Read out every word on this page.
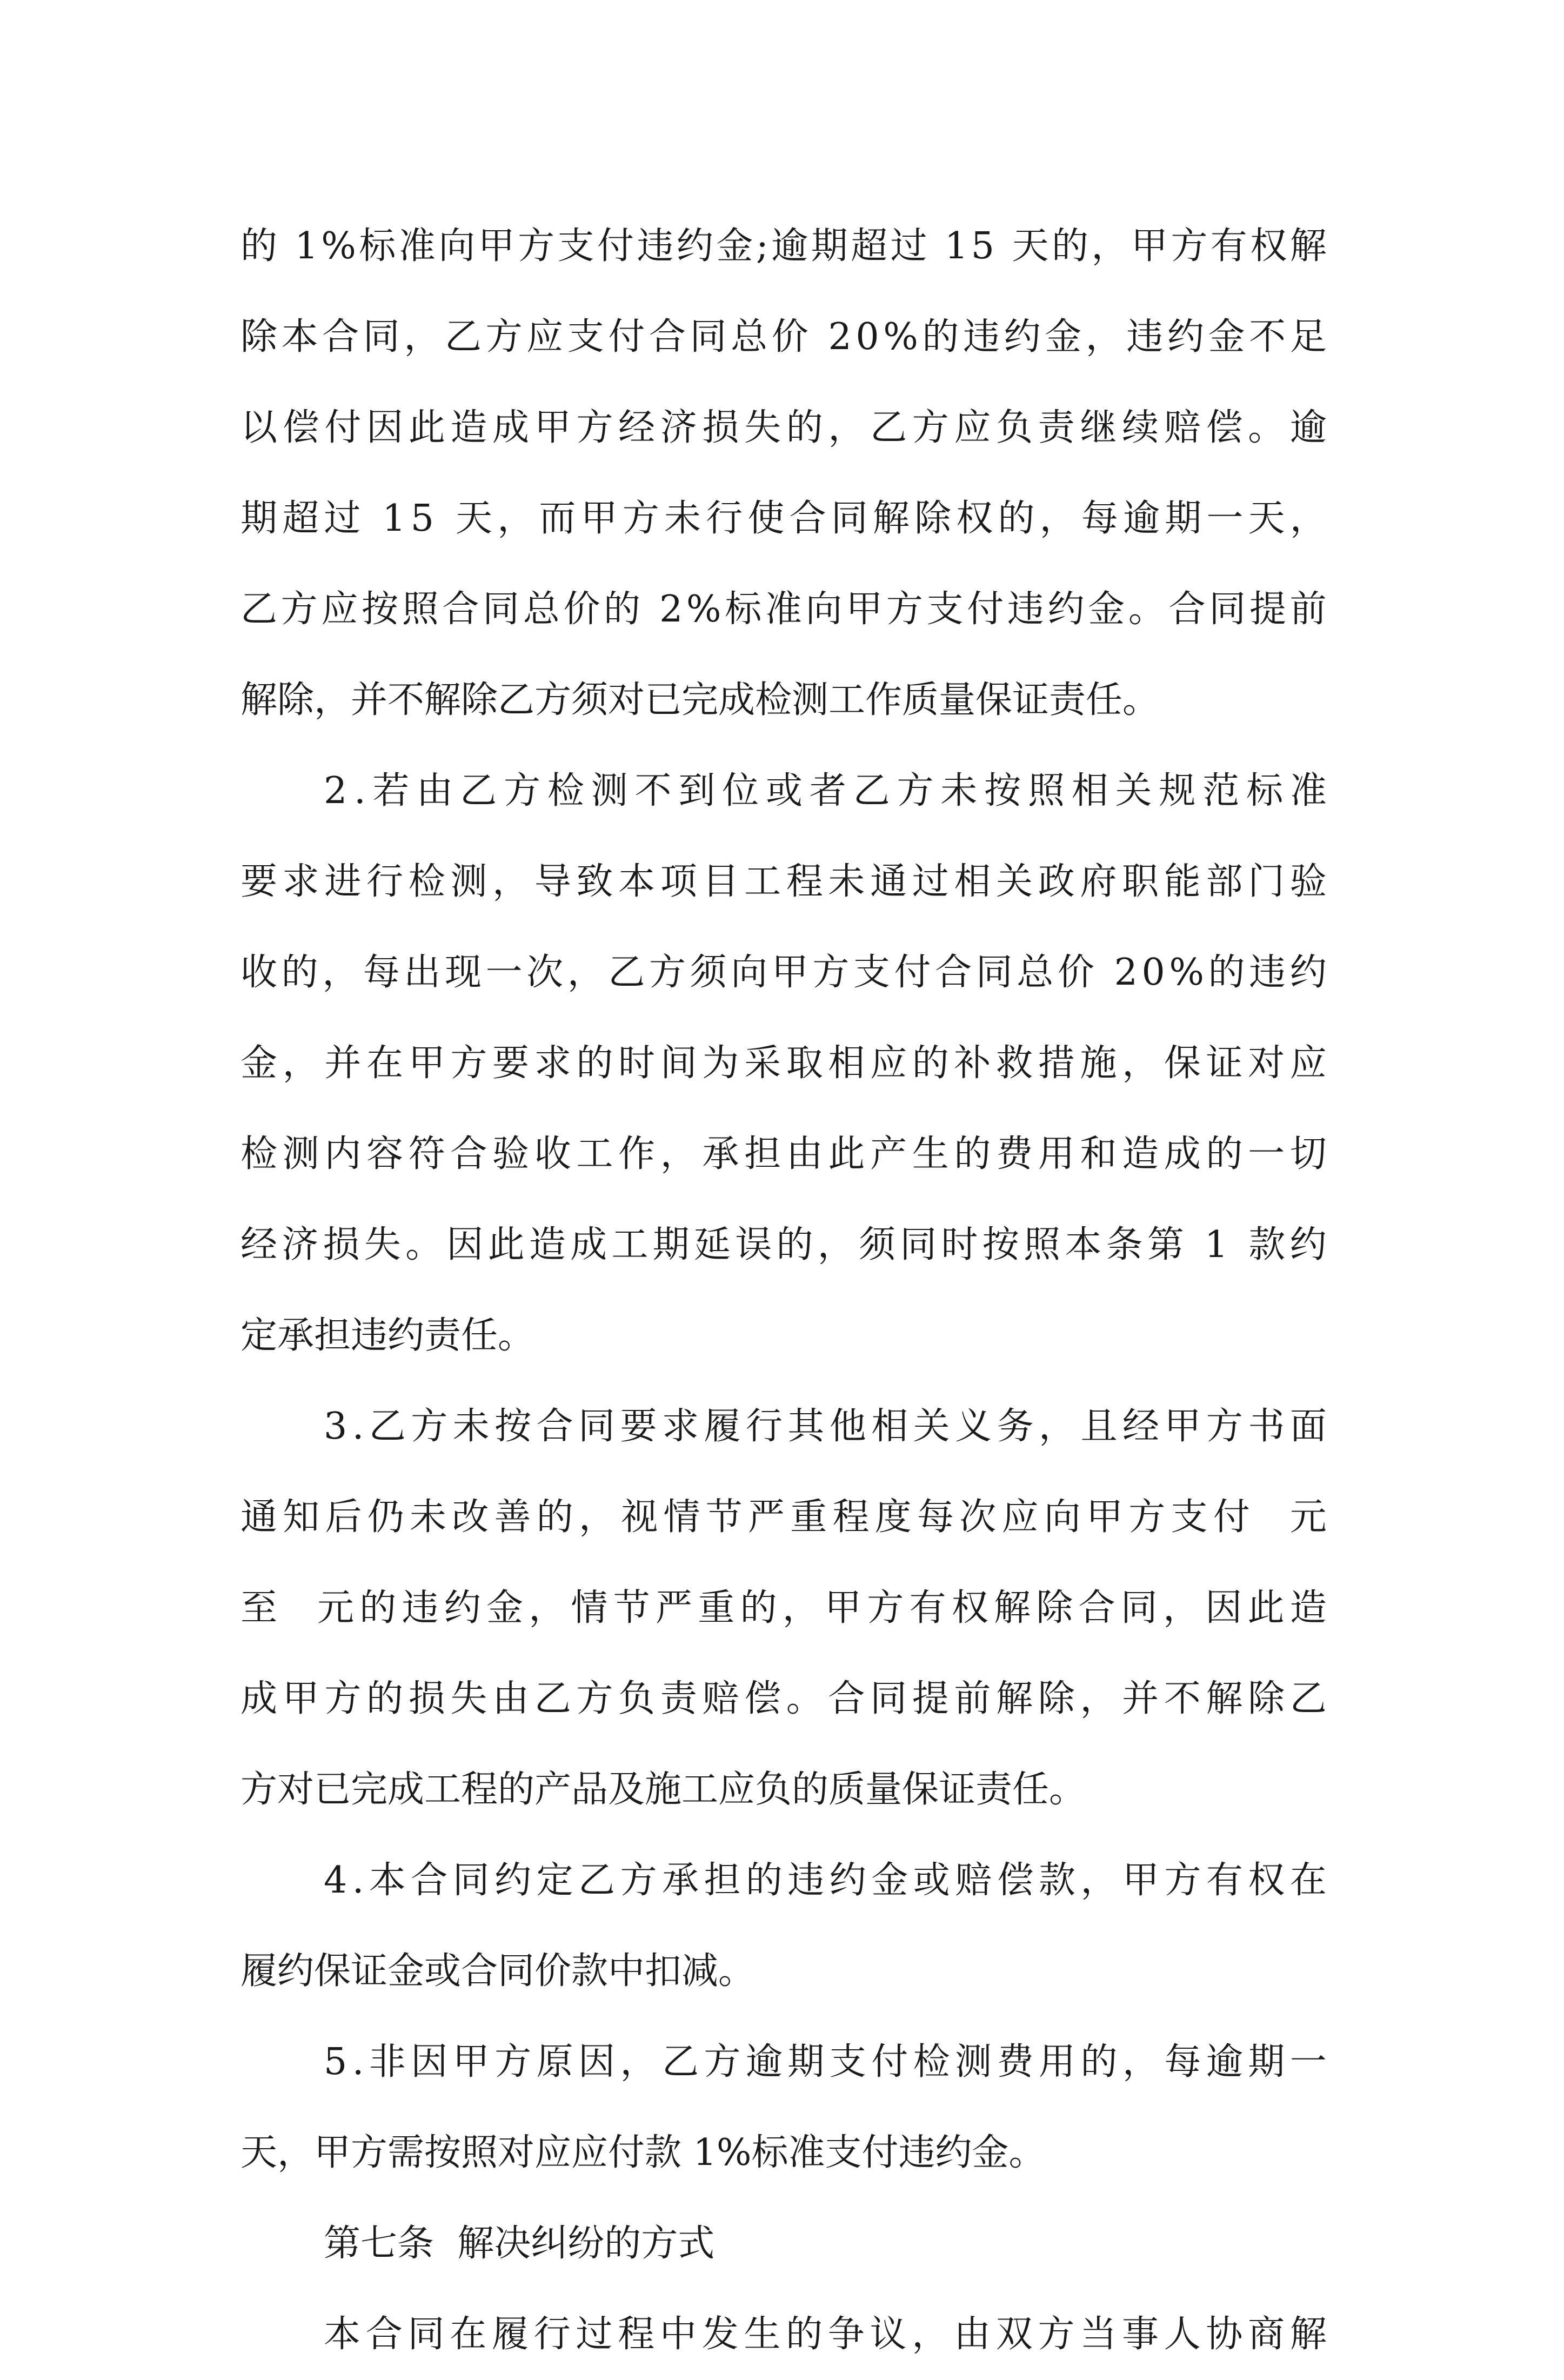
的
1 % 标 准 向 甲 方 支 付 违 约 金 ; 逾 期 超 过
1 5
天 的 ， 甲 方 有 权 解
除 本 合 同 ， 乙 方 应 支 付 合 同 总 价
2 0 % 的 违 约 金 ， 违 约 金 不 足
以 偿 付 因 此 造 成 甲 方 经 济 损 失 的 ， 乙 方 应 负 责 继 续 赔 偿 。 逾
期 超 过
1 5
天 ， 而 甲 方 未 行 使 合 同 解 除 权 的 ， 每 逾 期 一 天 ，
乙 方 应 按 照 合 同 总 价 的
2 % 标 准 向 甲 方 支 付 违 约 金 。 合 同 提 前
解除，并不解除乙方须对已完成检测工作质量保证责任。
2 . 若 由 乙 方 检 测 不 到 位 或 者 乙 方 未 按 照 相 关 规 范 标 准
要 求 进 行 检 测 ， 导 致 本 项 目 工 程 未 通 过 相 关 政 府 职 能 部 门 验
收 的 ， 每 出 现 一 次 ， 乙 方 须 向 甲 方 支 付 合 同 总 价
2 0 % 的 违 约
金 ， 并 在 甲 方 要 求 的 时 间 为 采 取 相 应 的 补 救 措 施 ， 保 证 对 应
检 测 内 容 符 合 验 收 工 作 ， 承 担 由 此 产 生 的 费 用 和 造 成 的 一 切
经 济 损 失 。 因 此 造 成 工 期 延 误 的 ， 须 同 时 按 照 本 条 第
1
款 约
定承担违约责任。
3 . 乙 方 未 按 合 同 要 求 履 行 其 他 相 关 义 务 ， 且 经 甲 方 书 面
通 知 后 仍 未 改 善 的 ， 视 情 节 严 重 程 度 每 次 应 向 甲 方 支 付

元
至

元 的 违 约 金 ， 情 节 严 重 的 ， 甲 方 有 权 解 除 合 同 ， 因 此 造
成 甲 方 的 损 失 由 乙 方 负 责 赔 偿 。 合 同 提 前 解 除 ， 并 不 解 除 乙
方对已完成工程的产品及施工应负的质量保证责任。
4 . 本 合 同 约 定 乙 方 承 担 的 违 约 金 或 赔 偿 款 ， 甲 方 有 权 在
履约保证金或合同价款中扣减。
5 . 非 因 甲 方 原 因 ， 乙 方 逾 期 支 付 检 测 费 用 的 ， 每 逾 期 一
天，甲方需按照对应应付款 1%标准支付违约金。
第七条  解决纠纷的方式
本 合 同 在 履 行 过 程 中 发 生 的 争 议 ， 由 双 方 当 事 人 协 商 解
